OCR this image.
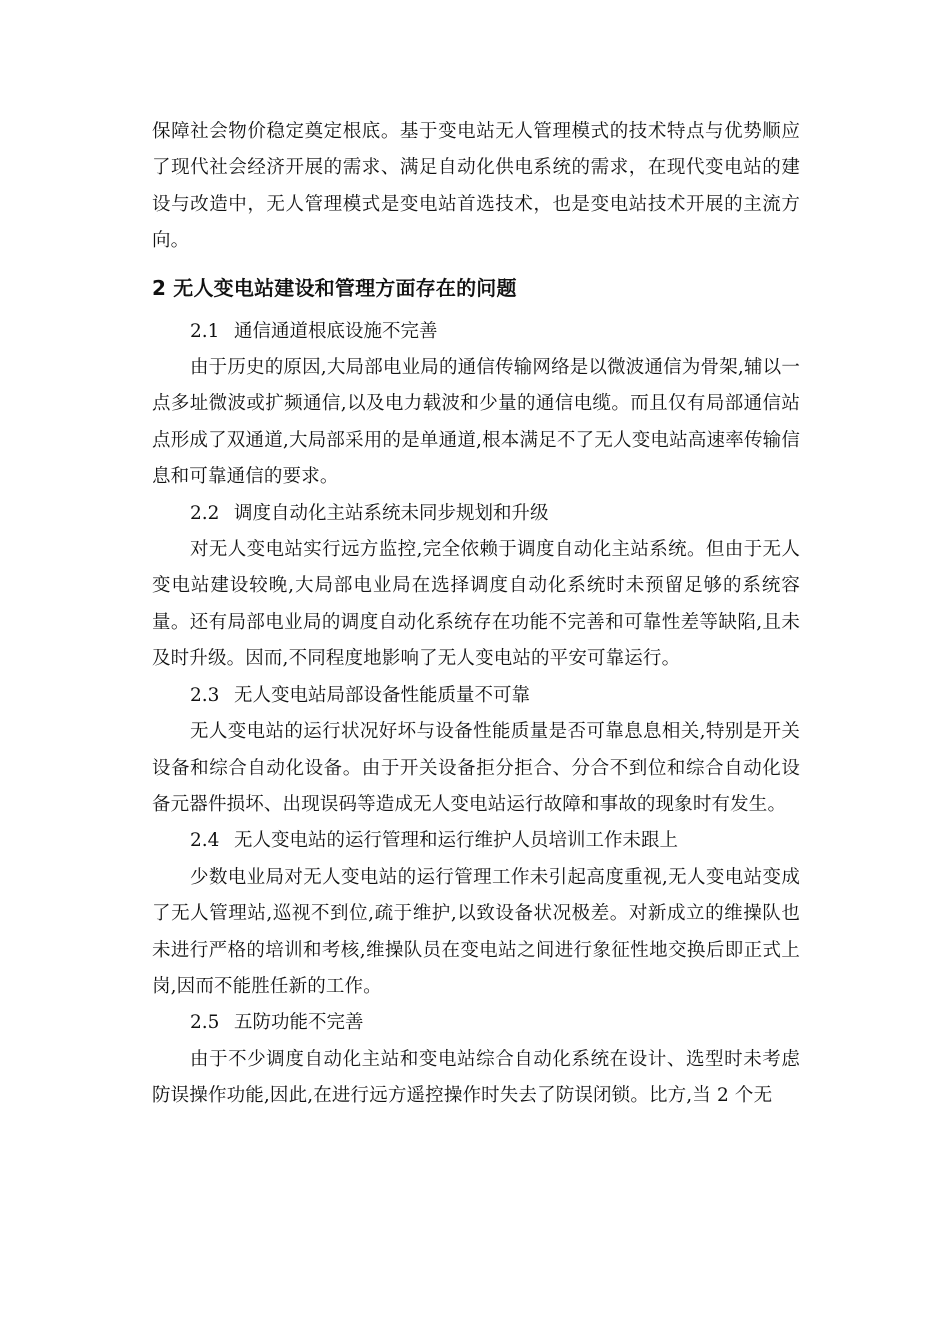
保障社会物价稳定奠定根底。基于变电站无人管理模式的技术特点与优势顺应了现代社会经济开展的需求、满足自动化供电系统的需求，在现代变电站的建设与改造中，无人管理模式是变电站首选技术，也是变电站技术开展的主流方向。

2 无人变电站建设和管理方面存在的问题

2.1 通信通道根底设施不完善

由于历史的原因,大局部电业局的通信传输网络是以微波通信为骨架,辅以一点多址微波或扩频通信,以及电力载波和少量的通信电缆。而且仅有局部通信站点形成了双通道,大局部采用的是单通道,根本满足不了无人变电站高速率传输信息和可靠通信的要求。

2.2 调度自动化主站系统未同步规划和升级

对无人变电站实行远方监控,完全依赖于调度自动化主站系统。但由于无人变电站建设较晚,大局部电业局在选择调度自动化系统时未预留足够的系统容量。还有局部电业局的调度自动化系统存在功能不完善和可靠性差等缺陷,且未及时升级。因而,不同程度地影响了无人变电站的平安可靠运行。

2.3 无人变电站局部设备性能质量不可靠

无人变电站的运行状况好坏与设备性能质量是否可靠息息相关,特别是开关设备和综合自动化设备。由于开关设备拒分拒合、分合不到位和综合自动化设备元器件损坏、出现误码等造成无人变电站运行故障和事故的现象时有发生。

2.4 无人变电站的运行管理和运行维护人员培训工作未跟上

少数电业局对无人变电站的运行管理工作未引起高度重视,无人变电站变成了无人管理站,巡视不到位,疏于维护,以致设备状况极差。对新成立的维操队也未进行严格的培训和考核,维操队员在变电站之间进行象征性地交换后即正式上岗,因而不能胜任新的工作。

2.5 五防功能不完善

由于不少调度自动化主站和变电站综合自动化系统在设计、选型时未考虑防误操作功能,因此,在进行远方遥控操作时失去了防误闭锁。比方,当 2 个无
